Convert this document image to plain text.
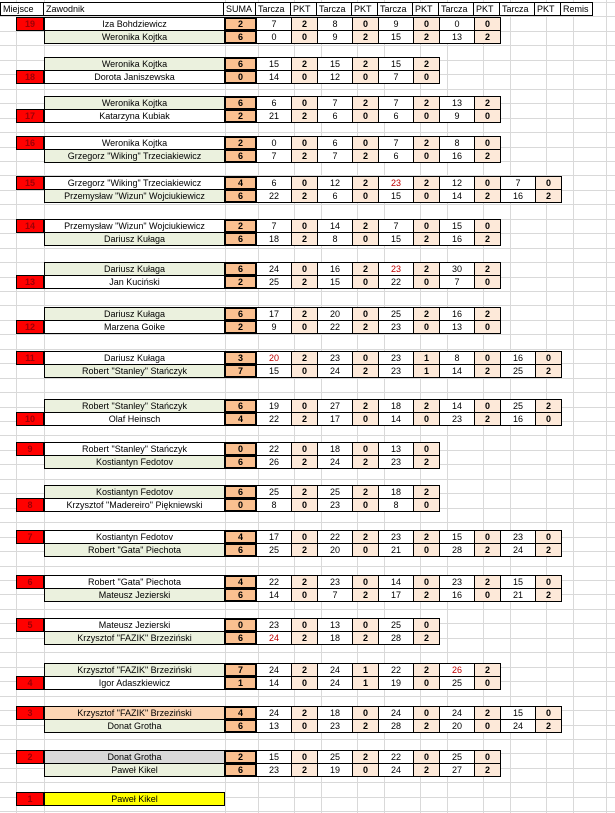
Miejsce	Zawodnik	SUMA Tarcza PKT Tarcza PKT Tarcza PKT Tarcza PKT Tarcza PKT Remis
19	Iza Bohdziewicz	2	7	2	8	0	9	0	0	0
Weronika Kojtka	6	0	0	9	2	15	2	13	2
18
Weronika Kojtka	6	15	2	15	2	15	2
Dorota Janiszewska	0	14	0	12	0	7	0
17
Weronika Kojtka	6	6	0	7	2	7	2	13	2
Katarzyna Kubiak	2	21	2	6	0	6	0	9	0
16	Weronika Kojtka	2	0	0	6	0	7	2	8	0
Grzegorz "Wiking" Trzeciakiewicz	6	7	2	7	2	6	0	16	2
15	Grzegorz "Wiking" Trzeciakiewicz	4	6	0	12	2	23	2	12	0	7	0
Przemysław "Wizun" Wojciukiewicz	6	22	2	6	0	15	0	14	2	16	2
14	Przemysław "Wizun" Wojciukiewicz	2	7	0	14	2	7	0	15	0
Dariusz Kułaga	6	18	2	8	0	15	2	16	2
13
Dariusz Kułaga	6	24	0	16	2	23	2	30	2
Jan Kuciński	2	25	2	15	0	22	0	7	0
12
Dariusz Kułaga	6	17	2	20	0	25	2	16	2
Marzena Goike	2	9	0	22	2	23	0	13	0
11	Dariusz Kułaga	3	20	2	23	0	23	1	8	0	16	0
Robert "Stanley" Stańczyk	7	15	0	24	2	23	1	14	2	25	2
10
Robert "Stanley" Stańczyk	6	19	0	27	2	18	2	14	0	25	2
Olaf Heinsch	4	22	2	17	0	14	0	23	2	16	0
9	Robert "Stanley" Stańczyk	0	22	0	18	0	13	0
Kostiantyn Fedotov	6	26	2	24	2	23	2
8
Kostiantyn Fedotov	6	25	2	25	2	18	2
Krzysztof "Madereiro" Piękniewski	0	8	0	23	0	8	0
7	Kostiantyn Fedotov	4	17	0	22	2	23	2	15	0	23	0
Robert "Gata" Piechota	6	25	2	20	0	21	0	28	2	24	2
6	Robert "Gata" Piechota	4	22	2	23	0	14	0	23	2	15	0
Mateusz Jezierski	6	14	0	7	2	17	2	16	0	21	2
5	Mateusz Jezierski	0	23	0	13	0	25	0
Krzysztof "FAZIK" Brzeziński	6	24	2	18	2	28	2
4
Krzysztof "FAZIK" Brzeziński	7	24	2	24	1	22	2	26	2
Igor Adaszkiewicz	1	14	0	24	1	19	0	25	0
3	Krzysztof "FAZIK" Brzeziński	4	24	2	18	0	24	0	24	2	15	0
Donat Grotha	6	13	0	23	2	28	2	20	0	24	2
2	Donat Grotha	2	15	0	25	2	22	0	25	0
Paweł Kikel	6	23	2	19	0	24	2	27	2
1	Paweł Kikel
